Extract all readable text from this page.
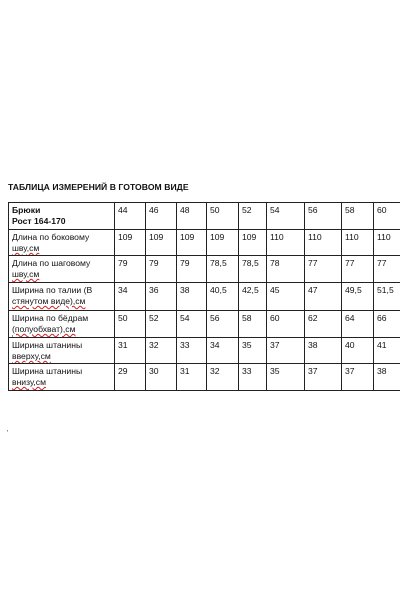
ТАБЛИЦА ИЗМЕРЕНИЙ В ГОТОВОМ ВИДЕ
Брюки
Рост 164-170	44	46	48	50	52	54	56	58	60

Длина по боковому
шву,см	109	109	109	109	109	110	110	110	110

Длина по шаговому
шву,см	79	79	79	78,5	78,5	78	77	77	77

Ширина по талии (В
стянутом виде),см	34	36	38	40,5	42,5	45	47	49,5	51,5

Ширина по бёдрам
(полуобхват),см	50	52	54	56	58	60	62	64	66

Ширина штанины
вверху,см	31	32	33	34	35	37	38	40	41

Ширина штанины
внизу,см	29	30	31	32	33	35	37	37	38
'
